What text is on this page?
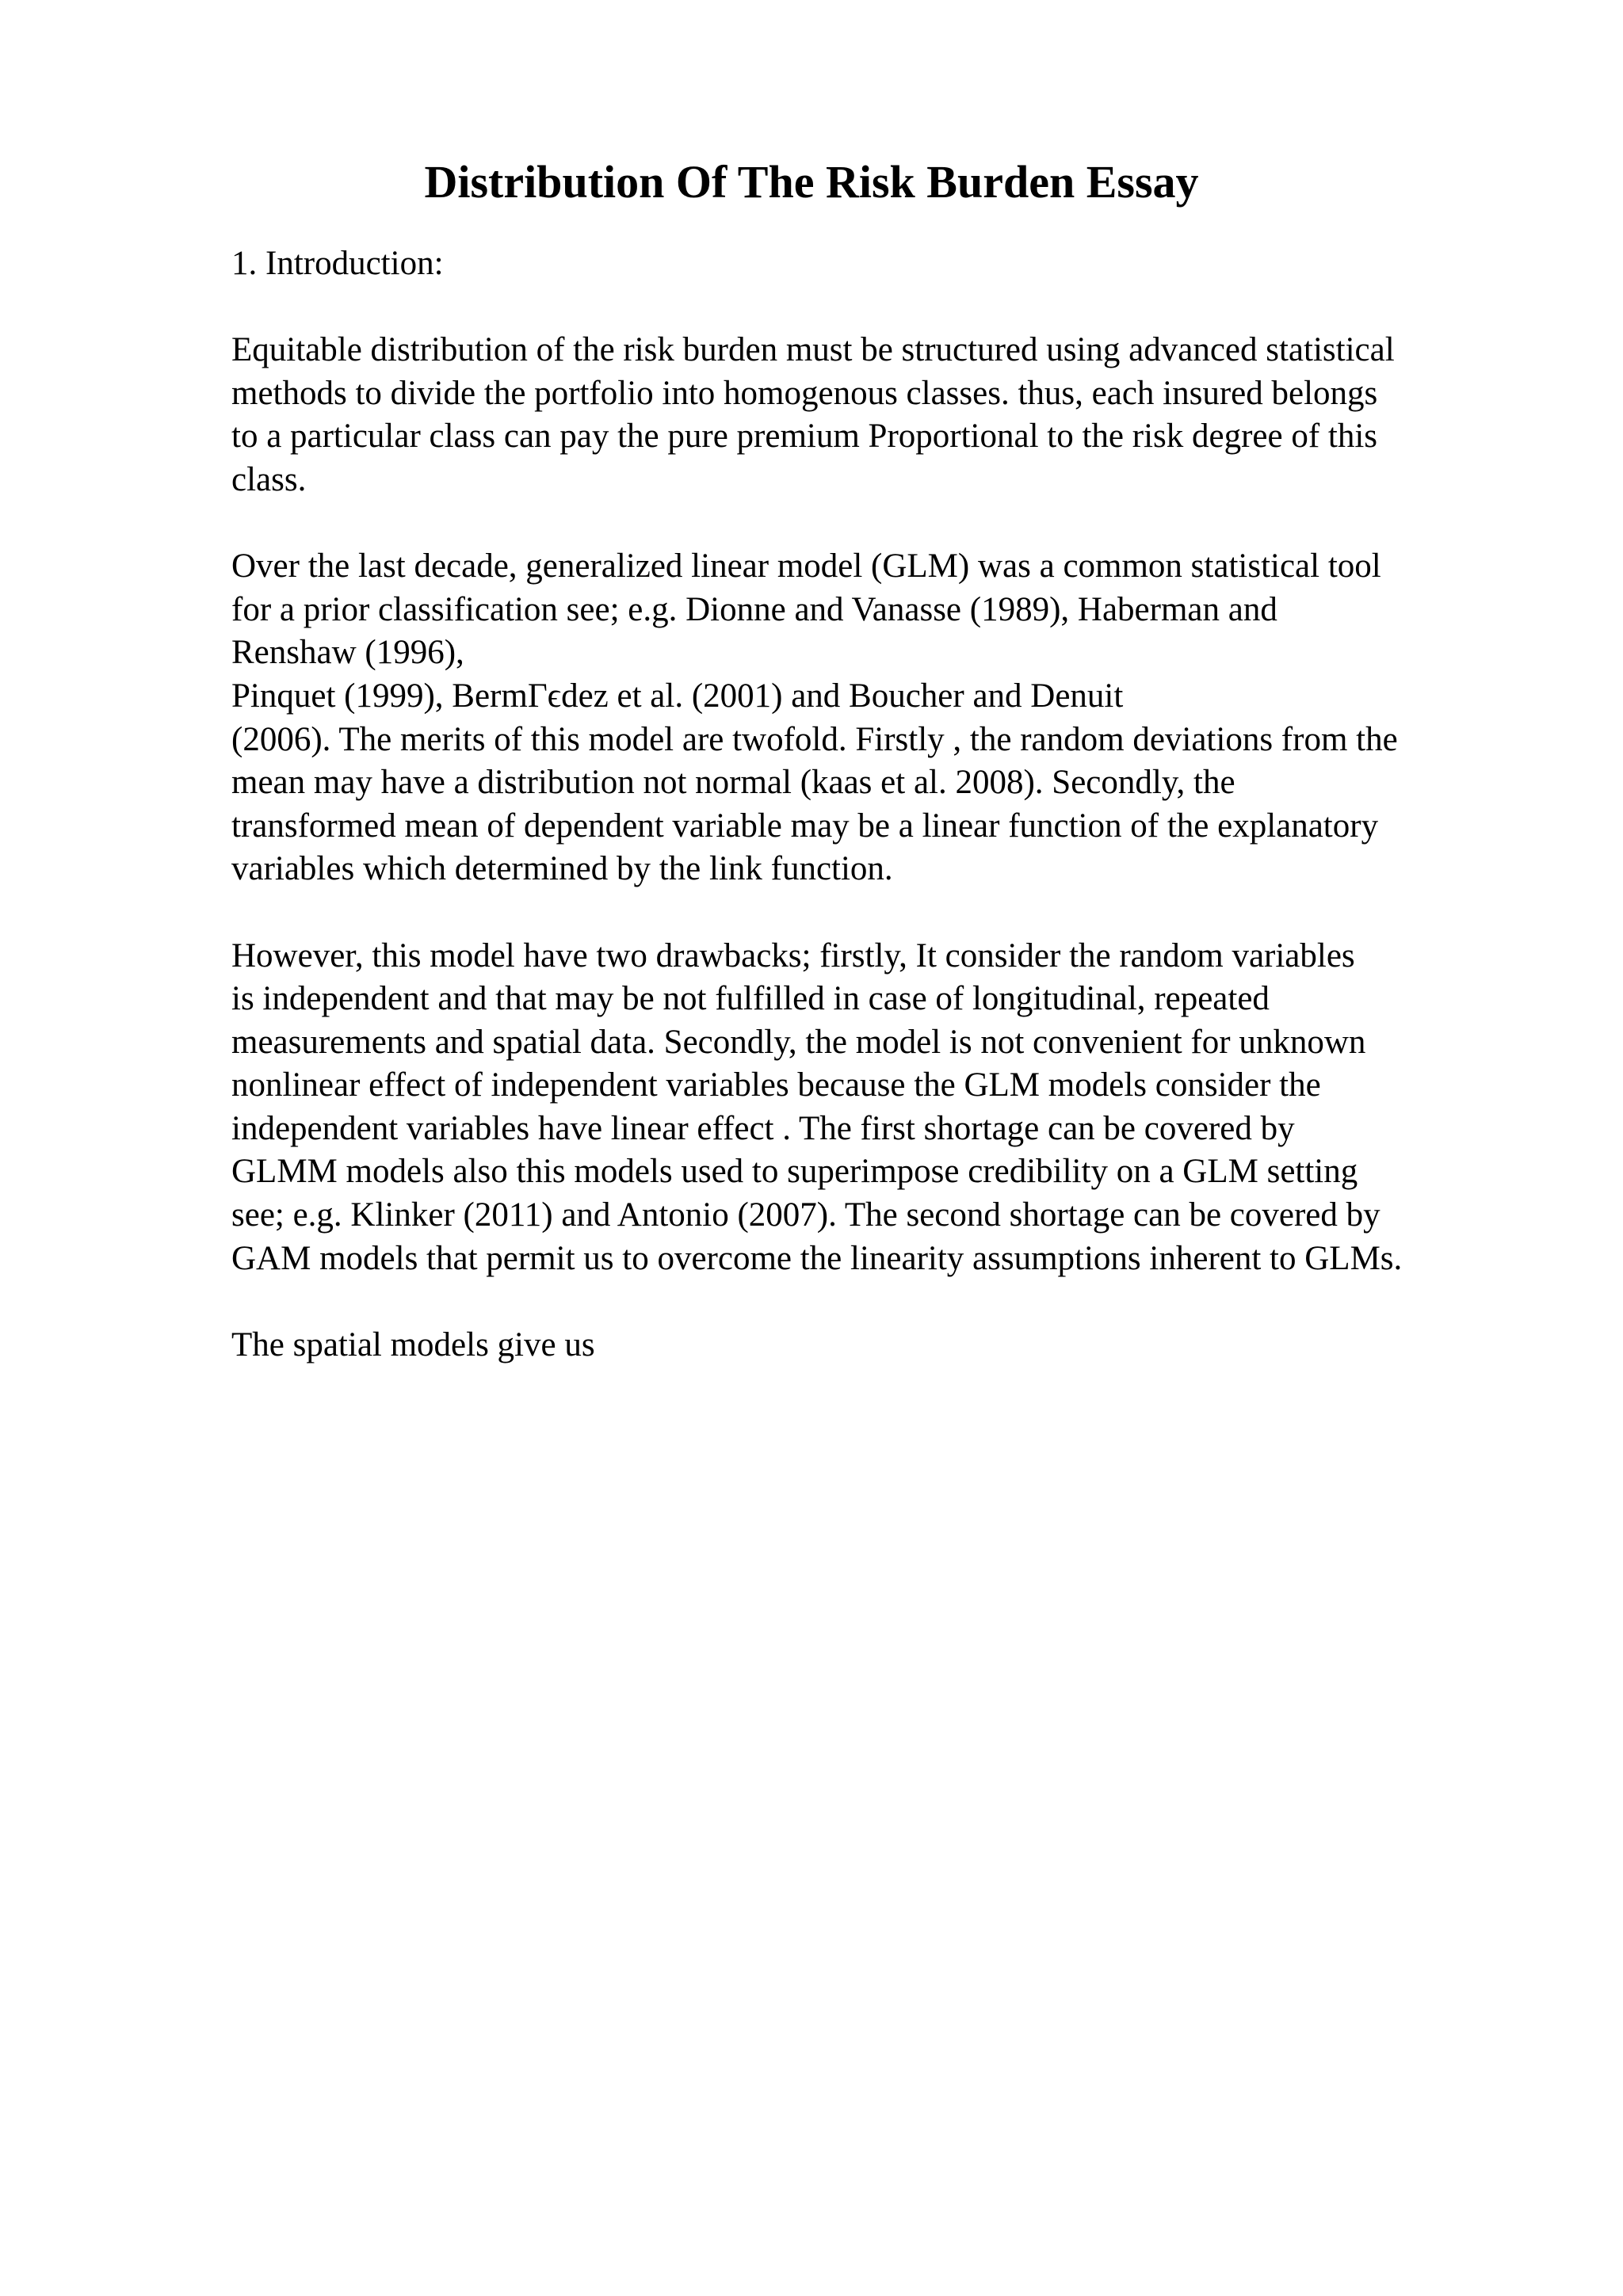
Distribution Of The Risk Burden Essay

1. Introduction:

Equitable distribution of the risk burden must be structured using advanced statistical
methods to divide the portfolio into homogenous classes. thus, each insured belongs
to a particular class can pay the pure premium Proportional to the risk degree of this
class.

Over the last decade, generalized linear model (GLM) was a common statistical tool
for a prior classification see; e.g. Dionne and Vanasse (1989), Haberman and
Renshaw (1996),
Pinquet (1999), BermΓϵdez et al. (2001) and Boucher and Denuit
(2006). The merits of this model are twofold. Firstly , the random deviations from the
mean may have a distribution not normal (kaas et al. 2008). Secondly, the
transformed mean of dependent variable may be a linear function of the explanatory
variables which determined by the link function.

However, this model have two drawbacks; firstly, It consider the random variables
is independent and that may be not fulfilled in case of longitudinal, repeated
measurements and spatial data. Secondly, the model is not convenient for unknown
nonlinear effect of independent variables because the GLM models consider the
independent variables have linear effect . The first shortage can be covered by
GLMM models also this models used to superimpose credibility on a GLM setting
see; e.g. Klinker (2011) and Antonio (2007). The second shortage can be covered by
GAM models that permit us to overcome the linearity assumptions inherent to GLMs.

The spatial models give us
